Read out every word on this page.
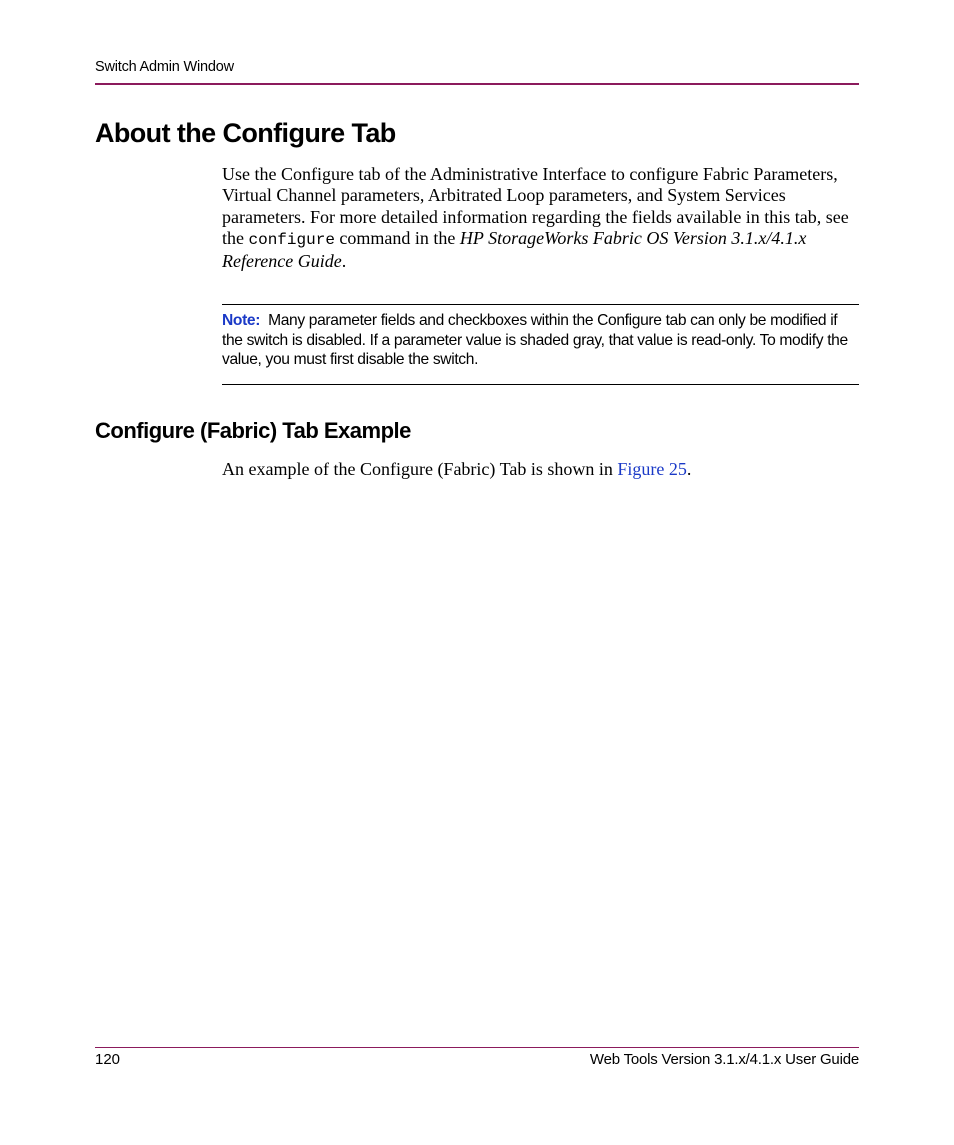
Switch Admin Window
About the Configure Tab

Use the Configure tab of the Administrative Interface to configure Fabric Parameters, Virtual Channel parameters, Arbitrated Loop parameters, and System Services parameters. For more detailed information regarding the fields available in this tab, see the configure command in the HP StorageWorks Fabric OS Version 3.1.x/4.1.x Reference Guide.

Note: Many parameter fields and checkboxes within the Configure tab can only be modified if the switch is disabled. If a parameter value is shaded gray, that value is read-only. To modify the value, you must first disable the switch.

Configure (Fabric) Tab Example

An example of the Configure (Fabric) Tab is shown in Figure 25.

120	Web Tools Version 3.1.x/4.1.x User Guide
